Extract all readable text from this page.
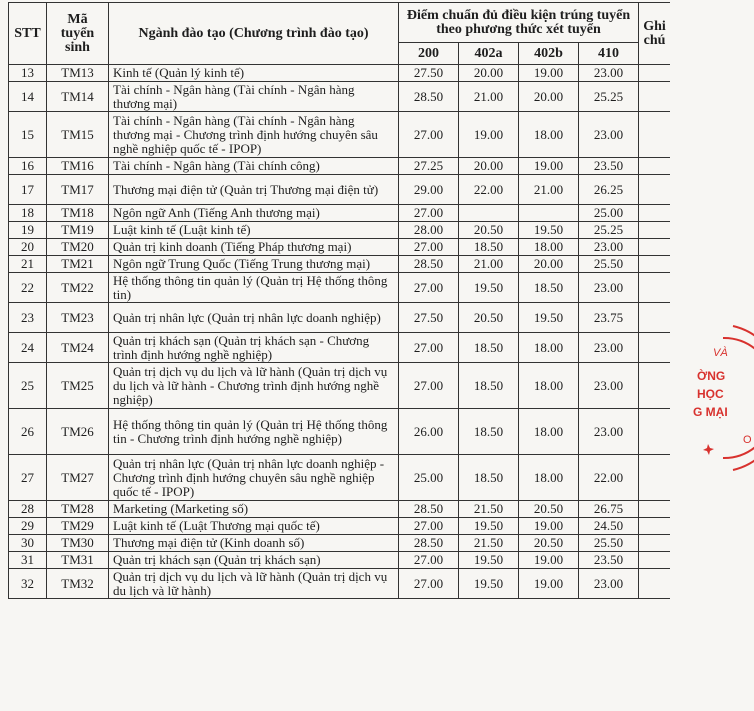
STT	Mã tuyển sinh	Ngành đào tạo (Chương trình đào tạo)	Điểm chuẩn đủ điều kiện trúng tuyển theo phương thức xét tuyển				Ghi chú
			200	402a	402b	410	
13	TM13	Kinh tế (Quản lý kinh tế)	27.50	20.00	19.00	23.00	
14	TM14	Tài chính - Ngân hàng (Tài chính - Ngân hàng thương mại)	28.50	21.00	20.00	25.25	
15	TM15	Tài chính - Ngân hàng (Tài chính - Ngân hàng thương mại - Chương trình định hướng chuyên sâu nghề nghiệp quốc tế - IPOP)	27.00	19.00	18.00	23.00	
16	TM16	Tài chính - Ngân hàng (Tài chính công)	27.25	20.00	19.00	23.50	
17	TM17	Thương mại điện tử (Quản trị Thương mại điện tử)	29.00	22.00	21.00	26.25	
18	TM18	Ngôn ngữ Anh (Tiếng Anh thương mại)	27.00			25.00	
19	TM19	Luật kinh tế (Luật kinh tế)	28.00	20.50	19.50	25.25	
20	TM20	Quản trị kinh doanh (Tiếng Pháp thương mại)	27.00	18.50	18.00	23.00	
21	TM21	Ngôn ngữ Trung Quốc (Tiếng Trung thương mại)	28.50	21.00	20.00	25.50	
22	TM22	Hệ thống thông tin quản lý (Quản trị Hệ thống thông tin)	27.00	19.50	18.50	23.00	
23	TM23	Quản trị nhân lực (Quản trị nhân lực doanh nghiệp)	27.50	20.50	19.50	23.75	
24	TM24	Quản trị khách sạn (Quản trị khách sạn - Chương trình định hướng nghề nghiệp)	27.00	18.50	18.00	23.00	
25	TM25	Quản trị dịch vụ du lịch và lữ hành (Quản trị dịch vụ du lịch và lữ hành - Chương trình định hướng nghề nghiệp)	27.00	18.50	18.00	23.00	
26	TM26	Hệ thống thông tin quản lý (Quản trị Hệ thống thông tin - Chương trình định hướng nghề nghiệp)	26.00	18.50	18.00	23.00	
27	TM27	Quản trị nhân lực (Quản trị nhân lực doanh nghiệp - Chương trình định hướng chuyên sâu nghề nghiệp quốc tế - IPOP)	25.00	18.50	18.00	22.00	
28	TM28	Marketing (Marketing số)	28.50	21.50	20.50	26.75	
29	TM29	Luật kinh tế (Luật Thương mại quốc tế)	27.00	19.50	19.00	24.50	
30	TM30	Thương mại điện tử (Kinh doanh số)	28.50	21.50	20.50	25.50	
31	TM31	Quản trị khách sạn (Quản trị khách sạn)	27.00	19.50	19.00	23.50	
32	TM32	Quản trị dịch vụ du lịch và lữ hành (Quản trị dịch vụ du lịch và lữ hành)	27.00	19.50	19.00	23.00	
VÀ
ỜNG
HỌC
G MẠI
O
